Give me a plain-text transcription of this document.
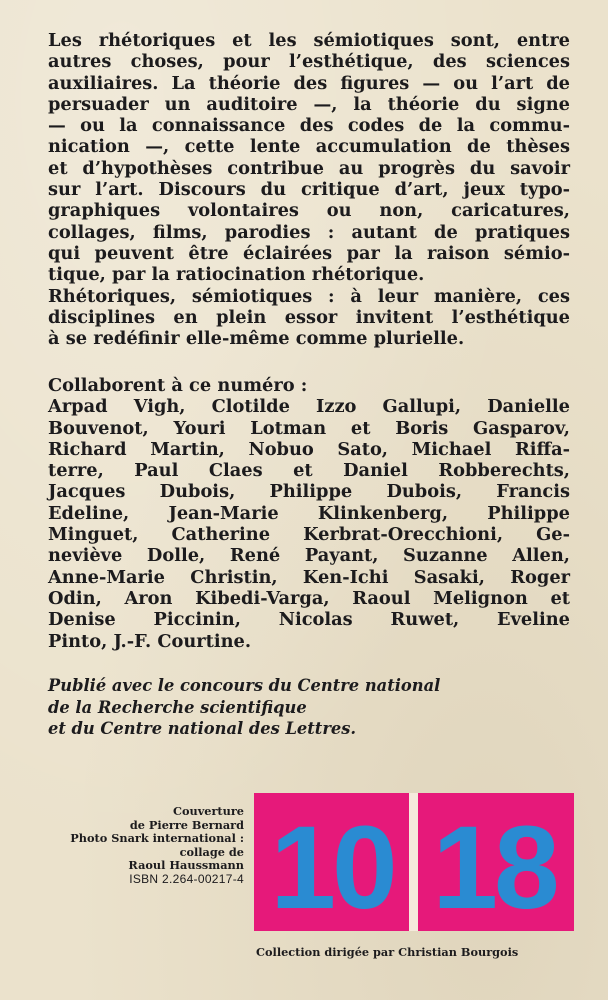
Les rhétoriques et les sémiotiques sont, entre
autres choses, pour l’esthétique, des sciences
auxiliaires. La théorie des figures — ou l’art de
persuader un auditoire —, la théorie du signe
— ou la connaissance des codes de la commu-
nication —, cette lente accumulation de thèses
et d’hypothèses contribue au progrès du savoir
sur l’art. Discours du critique d’art, jeux typo-
graphiques volontaires ou non, caricatures,
collages, films, parodies : autant de pratiques
qui peuvent être éclairées par la raison sémio-
tique, par la ratiocination rhétorique.
Rhétoriques, sémiotiques : à leur manière, ces
disciplines en plein essor invitent l’esthétique
à se redéfinir elle-même comme plurielle.
Collaborent à ce numéro :
Arpad Vigh, Clotilde Izzo Gallupi, Danielle
Bouvenot, Youri Lotman et Boris Gasparov,
Richard Martin, Nobuo Sato, Michael Riffa-
terre, Paul Claes et Daniel Robberechts,
Jacques Dubois, Philippe Dubois, Francis
Edeline, Jean-Marie Klinkenberg, Philippe
Minguet, Catherine Kerbrat-Orecchioni, Ge-
neviève Dolle, René Payant, Suzanne Allen,
Anne-Marie Christin, Ken-Ichi Sasaki, Roger
Odin, Aron Kibedi-Varga, Raoul Melignon et
Denise Piccinin, Nicolas Ruwet, Eveline
Pinto, J.-F. Courtine.
Publié avec le concours du Centre national
de la Recherche scientifique
et du Centre national des Lettres.
Couverture
de Pierre Bernard
Photo Snark international :
collage de
Raoul Haussmann
ISBN 2.264-00217-4 10 18
Collection dirigée par Christian Bourgois
